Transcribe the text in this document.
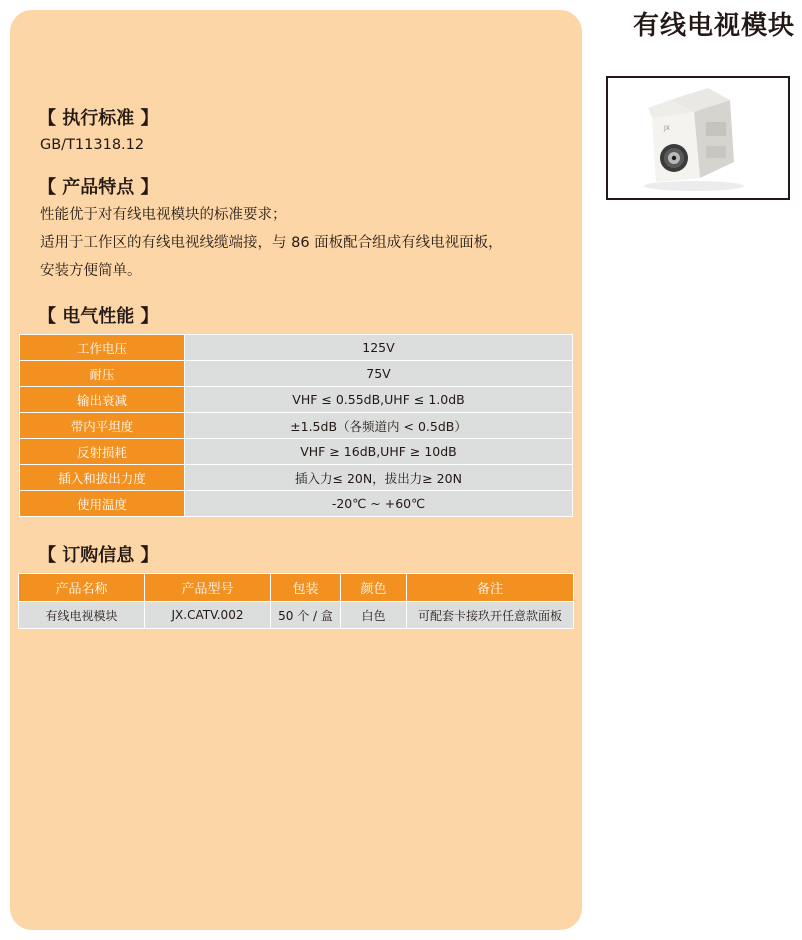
有线电视模块
JX
【 执行标准 】
GB/T11318.12
【 产品特点 】
性能优于对有线电视模块的标准要求；
适用于工作区的有线电视线缆端接，与 86 面板配合组成有线电视面板，
安装方便简单。
【 电气性能 】
工作电压	125V
耐压	75V
输出衰减	VHF ≤ 0.55dB,UHF ≤ 1.0dB
带内平坦度	±1.5dB（各频道内 < 0.5dB）
反射损耗	VHF ≥ 16dB,UHF ≥ 10dB
插入和拔出力度	插入力≤ 20N，拔出力≥ 20N
使用温度	-20℃ ~ +60℃
【 订购信息 】
产品名称	产品型号	包装	颜色	备注
有线电视模块	JX.CATV.002	50 个 / 盒	白色	可配套卡接玖开任意款面板
